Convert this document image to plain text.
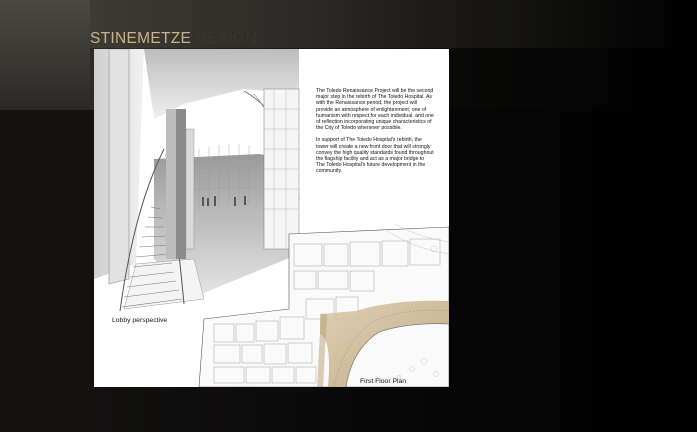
STINEMETZE DESIGN

The Toledo Renaissance Project will be the second major step in the rebirth of The Toledo Hospital. As with the Renaissance period, the project will provide an atmosphere of enlightenment; one of humanism with respect for each individual, and one of reflection incorporating unique characteristics of the City of Toledo whenever possible.

In support of The Toledo Hospital's rebirth, the tower will create a new front door that will strongly convey the high quality standards found throughout the flagship facility and act as a major bridge to The Toledo Hospital's future development in the community.

Lobby perspective
First Floor Plan
